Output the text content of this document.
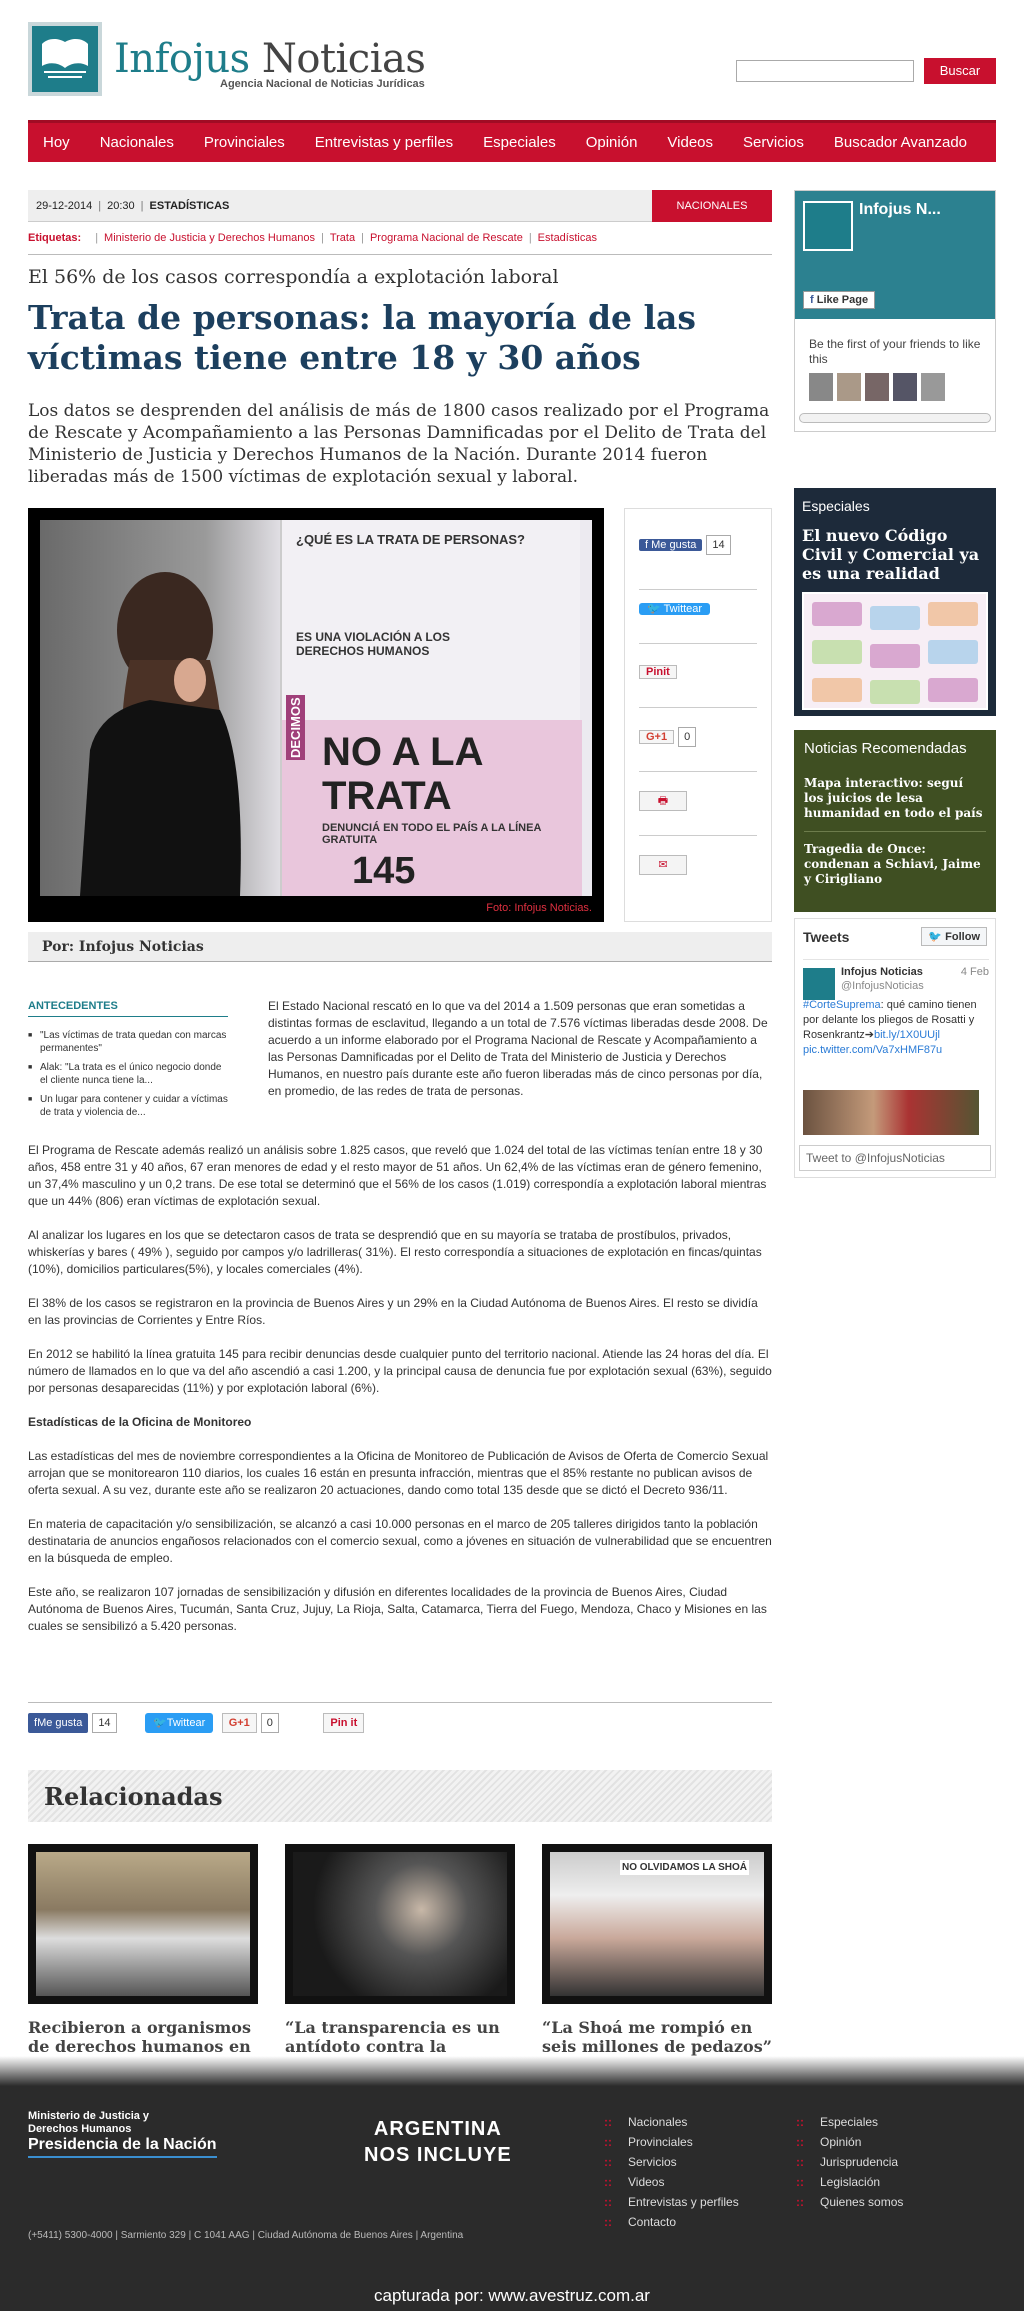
Infojus Noticias
Agencia Nacional de Noticias Jurídicas
Buscar
Hoy	Nacionales	Provinciales	Entrevistas y perfiles	Especiales	Opinión	Videos	Servicios	Buscador Avanzado
29-12-2014 | 20:30 | ESTADÍSTICAS	NACIONALES
Etiquetas: | Ministerio de Justicia y Derechos Humanos | Trata | Programa Nacional de Rescate | Estadísticas
El 56% de los casos correspondía a explotación laboral
Trata de personas: la mayoría de las víctimas tiene entre 18 y 30 años
Los datos se desprenden del análisis de más de 1800 casos realizado por el Programa de Rescate y Acompañamiento a las Personas Damnificadas por el Delito de Trata del Ministerio de Justicia y Derechos Humanos de la Nación. Durante 2014 fueron liberadas más de 1500 víctimas de explotación sexual y laboral.
¿QUÉ ES LA TRATA DE PERSONAS?
ES UNA VIOLACIÓN A LOS DERECHOS HUMANOS
DECIMOS NO A LA TRATA
DENUNCIÁ EN TODO EL PAÍS A LA LÍNEA GRATUITA
145
Foto: Infojus Noticias.
f Me gusta 14
🐦 Twittear
Pinit
G+1 0
🖶
✉
Por: Infojus Noticias
ANTECEDENTES
■ "Las víctimas de trata quedan con marcas permanentes"
■ Alak: "La trata es el único negocio donde el cliente nunca tiene la...
■ Un lugar para contener y cuidar a víctimas de trata y violencia de...
El Estado Nacional rescató en lo que va del 2014 a 1.509 personas que eran sometidas a distintas formas de esclavitud, llegando a un total de 7.576 víctimas liberadas desde 2008. De acuerdo a un informe elaborado por el Programa Nacional de Rescate y Acompañamiento a las Personas Damnificadas por el Delito de Trata del Ministerio de Justicia y Derechos Humanos, en nuestro país durante este año fueron liberadas más de cinco personas por día, en promedio, de las redes de trata de personas.

El Programa de Rescate además realizó un análisis sobre 1.825 casos, que reveló que 1.024 del total de las víctimas tenían entre 18 y 30 años, 458 entre 31 y 40 años, 67 eran menores de edad y el resto mayor de 51 años. Un 62,4% de las víctimas eran de género femenino, un 37,4% masculino y un 0,2 trans. De ese total se determinó que el 56% de los casos (1.019) correspondía a explotación laboral mientras que un 44% (806) eran víctimas de explotación sexual.

Al analizar los lugares en los que se detectaron casos de trata se desprendió que en su mayoría se trataba de prostíbulos, privados, whiskerías y bares ( 49% ), seguido por campos y/o ladrilleras( 31%). El resto correspondía a situaciones de explotación en fincas/quintas (10%), domicilios particulares(5%), y locales comerciales (4%).

El 38% de los casos se registraron en la provincia de Buenos Aires y un 29% en la Ciudad Autónoma de Buenos Aires. El resto se dividía en las provincias de Corrientes y Entre Ríos.

En 2012 se habilitó la línea gratuita 145 para recibir denuncias desde cualquier punto del territorio nacional. Atiende las 24 horas del día. El número de llamados en lo que va del año ascendió a casi 1.200, y la principal causa de denuncia fue por explotación sexual (63%), seguido por personas desaparecidas (11%) y por explotación laboral (6%).

Estadísticas de la Oficina de Monitoreo

Las estadísticas del mes de noviembre correspondientes a la Oficina de Monitoreo de Publicación de Avisos de Oferta de Comercio Sexual arrojan que se monitorearon 110 diarios, los cuales 16 están en presunta infracción, mientras que el 85% restante no publican avisos de oferta sexual. A su vez, durante este año se realizaron 20 actuaciones, dando como total 135 desde que se dictó el Decreto 936/11.

En materia de capacitación y/o sensibilización, se alcanzó a casi 10.000 personas en el marco de 205 talleres dirigidos tanto la población destinataria de anuncios engañosos relacionados con el comercio sexual, como a jóvenes en situación de vulnerabilidad que se encuentren en la búsqueda de empleo.

Este año, se realizaron 107 jornadas de sensibilización y difusión en diferentes localidades de la provincia de Buenos Aires, Ciudad Autónoma de Buenos Aires, Tucumán, Santa Cruz, Jujuy, La Rioja, Salta, Catamarca, Tierra del Fuego, Mendoza, Chaco y Misiones en las cuales se sensibilizó a 5.420 personas.

fMe gusta 14	🐦Twittear G+1 0	Pin it
Relacionadas
Recibieron a organismos de derechos humanos en
“La transparencia es un antídoto contra la
NO OLVIDAMOS LA SHOÁ
“La Shoá me rompió en seis millones de pedazos”
Infojus N...
f Like Page
Be the first of your friends to like this
Especiales
El nuevo Código Civil y Comercial ya es una realidad
Noticias Recomendadas
Mapa interactivo: seguí los juicios de lesa humanidad en todo el país
Tragedia de Once: condenan a Schiavi, Jaime y Cirigliano
Tweets	🐦 Follow
Infojus Noticias
@InfojusNoticias
4 Feb
#CorteSuprema: qué camino tienen por delante los pliegos de Rosatti y Rosenkrantz➔bit.ly/1X0UUjl pic.twitter.com/Va7xHMF87u
Tweet to @InfojusNoticias
Ministerio de Justicia y Derechos Humanos
Presidencia de la Nación
ARGENTINA
NOS INCLUYE
(+5411) 5300-4000 | Sarmiento 329 | C 1041 AAG | Ciudad Autónoma de Buenos Aires | Argentina
:: Nacionales
:: Provinciales
:: Servicios
:: Videos
:: Entrevistas y perfiles
:: Contacto
:: Especiales
:: Opinión
:: Jurisprudencia
:: Legislación
:: Quienes somos
capturada por: www.avestruz.com.ar
